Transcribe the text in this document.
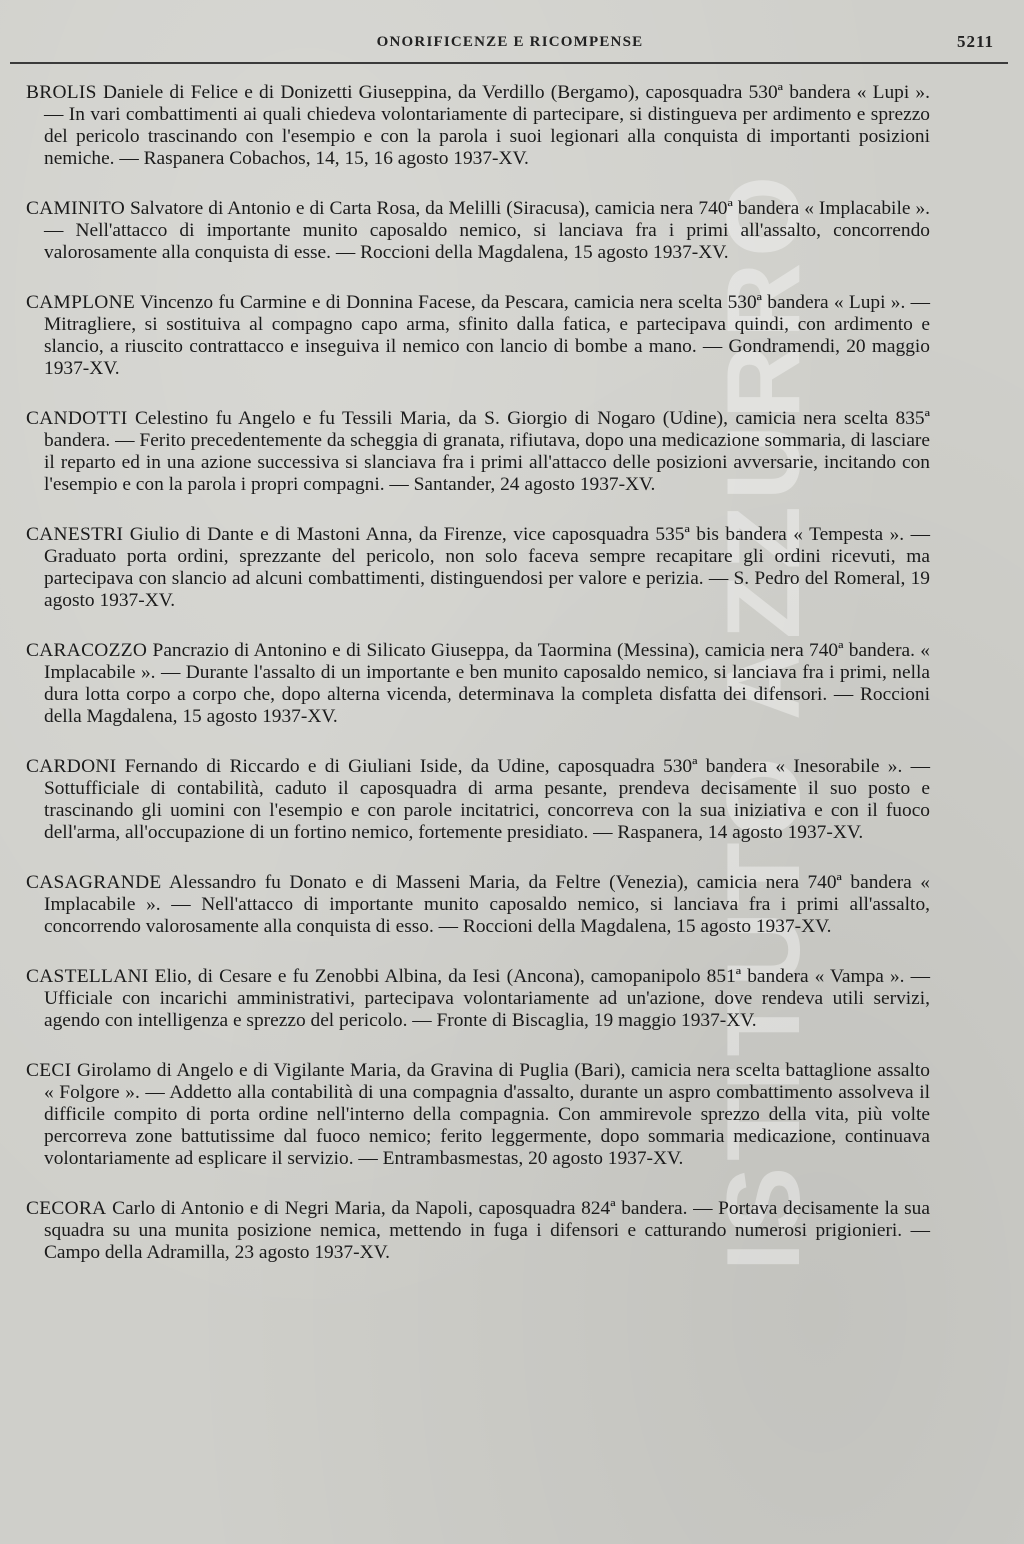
ISTITUTO AZZURRO
ONORIFICENZE E RICOMPENSE	5211

BROLIS Daniele di Felice e di Donizetti Giuseppina, da Verdillo (Bergamo), caposquadra 530ª bandera « Lupi ». — In vari combattimenti ai quali chiedeva volontariamente di partecipare, si distingueva per ardimento e sprezzo del pericolo trascinando con l'esempio e con la parola i suoi legionari alla conquista di importanti posizioni nemiche. — Raspanera Cobachos, 14, 15, 16 agosto 1937-XV.

CAMINITO Salvatore di Antonio e di Carta Rosa, da Melilli (Siracusa), camicia nera 740ª bandera « Implacabile ». — Nell'attacco di importante munito caposaldo nemico, si lanciava fra i primi all'assalto, concorrendo valorosamente alla conquista di esse. — Roccioni della Magdalena, 15 agosto 1937-XV.

CAMPLONE Vincenzo fu Carmine e di Donnina Facese, da Pescara, camicia nera scelta 530ª bandera « Lupi ». — Mitragliere, si sostituiva al compagno capo arma, sfinito dalla fatica, e partecipava quindi, con ardimento e slancio, a riuscito contrattacco e inseguiva il nemico con lancio di bombe a mano. — Gondramendi, 20 maggio 1937-XV.

CANDOTTI Celestino fu Angelo e fu Tessili Maria, da S. Giorgio di Nogaro (Udine), camicia nera scelta 835ª bandera. — Ferito precedentemente da scheggia di granata, rifiutava, dopo una medicazione sommaria, di lasciare il reparto ed in una azione successiva si slanciava fra i primi all'attacco delle posizioni avversarie, incitando con l'esempio e con la parola i propri compagni. — Santander, 24 agosto 1937-XV.

CANESTRI Giulio di Dante e di Mastoni Anna, da Firenze, vice caposquadra 535ª bis bandera « Tempesta ». — Graduato porta ordini, sprezzante del pericolo, non solo faceva sempre recapitare gli ordini ricevuti, ma partecipava con slancio ad alcuni combattimenti, distinguendosi per valore e perizia. — S. Pedro del Romeral, 19 agosto 1937-XV.

CARACOZZO Pancrazio di Antonino e di Silicato Giuseppa, da Taormina (Messina), camicia nera 740ª bandera. « Implacabile ». — Durante l'assalto di un importante e ben munito caposaldo nemico, si lanciava fra i primi, nella dura lotta corpo a corpo che, dopo alterna vicenda, determinava la completa disfatta dei difensori. — Roccioni della Magdalena, 15 agosto 1937-XV.

CARDONI Fernando di Riccardo e di Giuliani Iside, da Udine, caposquadra 530ª bandera « Inesorabile ». — Sottufficiale di contabilità, caduto il caposquadra di arma pesante, prendeva decisamente il suo posto e trascinando gli uomini con l'esempio e con parole incitatrici, concorreva con la sua iniziativa e con il fuoco dell'arma, all'occupazione di un fortino nemico, fortemente presidiato. — Raspanera, 14 agosto 1937-XV.

CASAGRANDE Alessandro fu Donato e di Masseni Maria, da Feltre (Venezia), camicia nera 740ª bandera « Implacabile ». — Nell'attacco di importante munito caposaldo nemico, si lanciava fra i primi all'assalto, concorrendo valorosamente alla conquista di esso. — Roccioni della Magdalena, 15 agosto 1937-XV.

CASTELLANI Elio, di Cesare e fu Zenobbi Albina, da Iesi (Ancona), camopanipolo 851ª bandera « Vampa ». — Ufficiale con incarichi amministrativi, partecipava volontariamente ad un'azione, dove rendeva utili servizi, agendo con intelligenza e sprezzo del pericolo. — Fronte di Biscaglia, 19 maggio 1937-XV.

CECI Girolamo di Angelo e di Vigilante Maria, da Gravina di Puglia (Bari), camicia nera scelta battaglione assalto « Folgore ». — Addetto alla contabilità di una compagnia d'assalto, durante un aspro combattimento assolveva il difficile compito di porta ordine nell'interno della compagnia. Con ammirevole sprezzo della vita, più volte percorreva zone battutissime dal fuoco nemico; ferito leggermente, dopo sommaria medicazione, continuava volontariamente ad esplicare il servizio. — Entrambasmestas, 20 agosto 1937-XV.

CECORA Carlo di Antonio e di Negri Maria, da Napoli, caposquadra 824ª bandera. — Portava decisamente la sua squadra su una munita posizione nemica, mettendo in fuga i difensori e catturando numerosi prigionieri. — Campo della Adramilla, 23 agosto 1937-XV.
